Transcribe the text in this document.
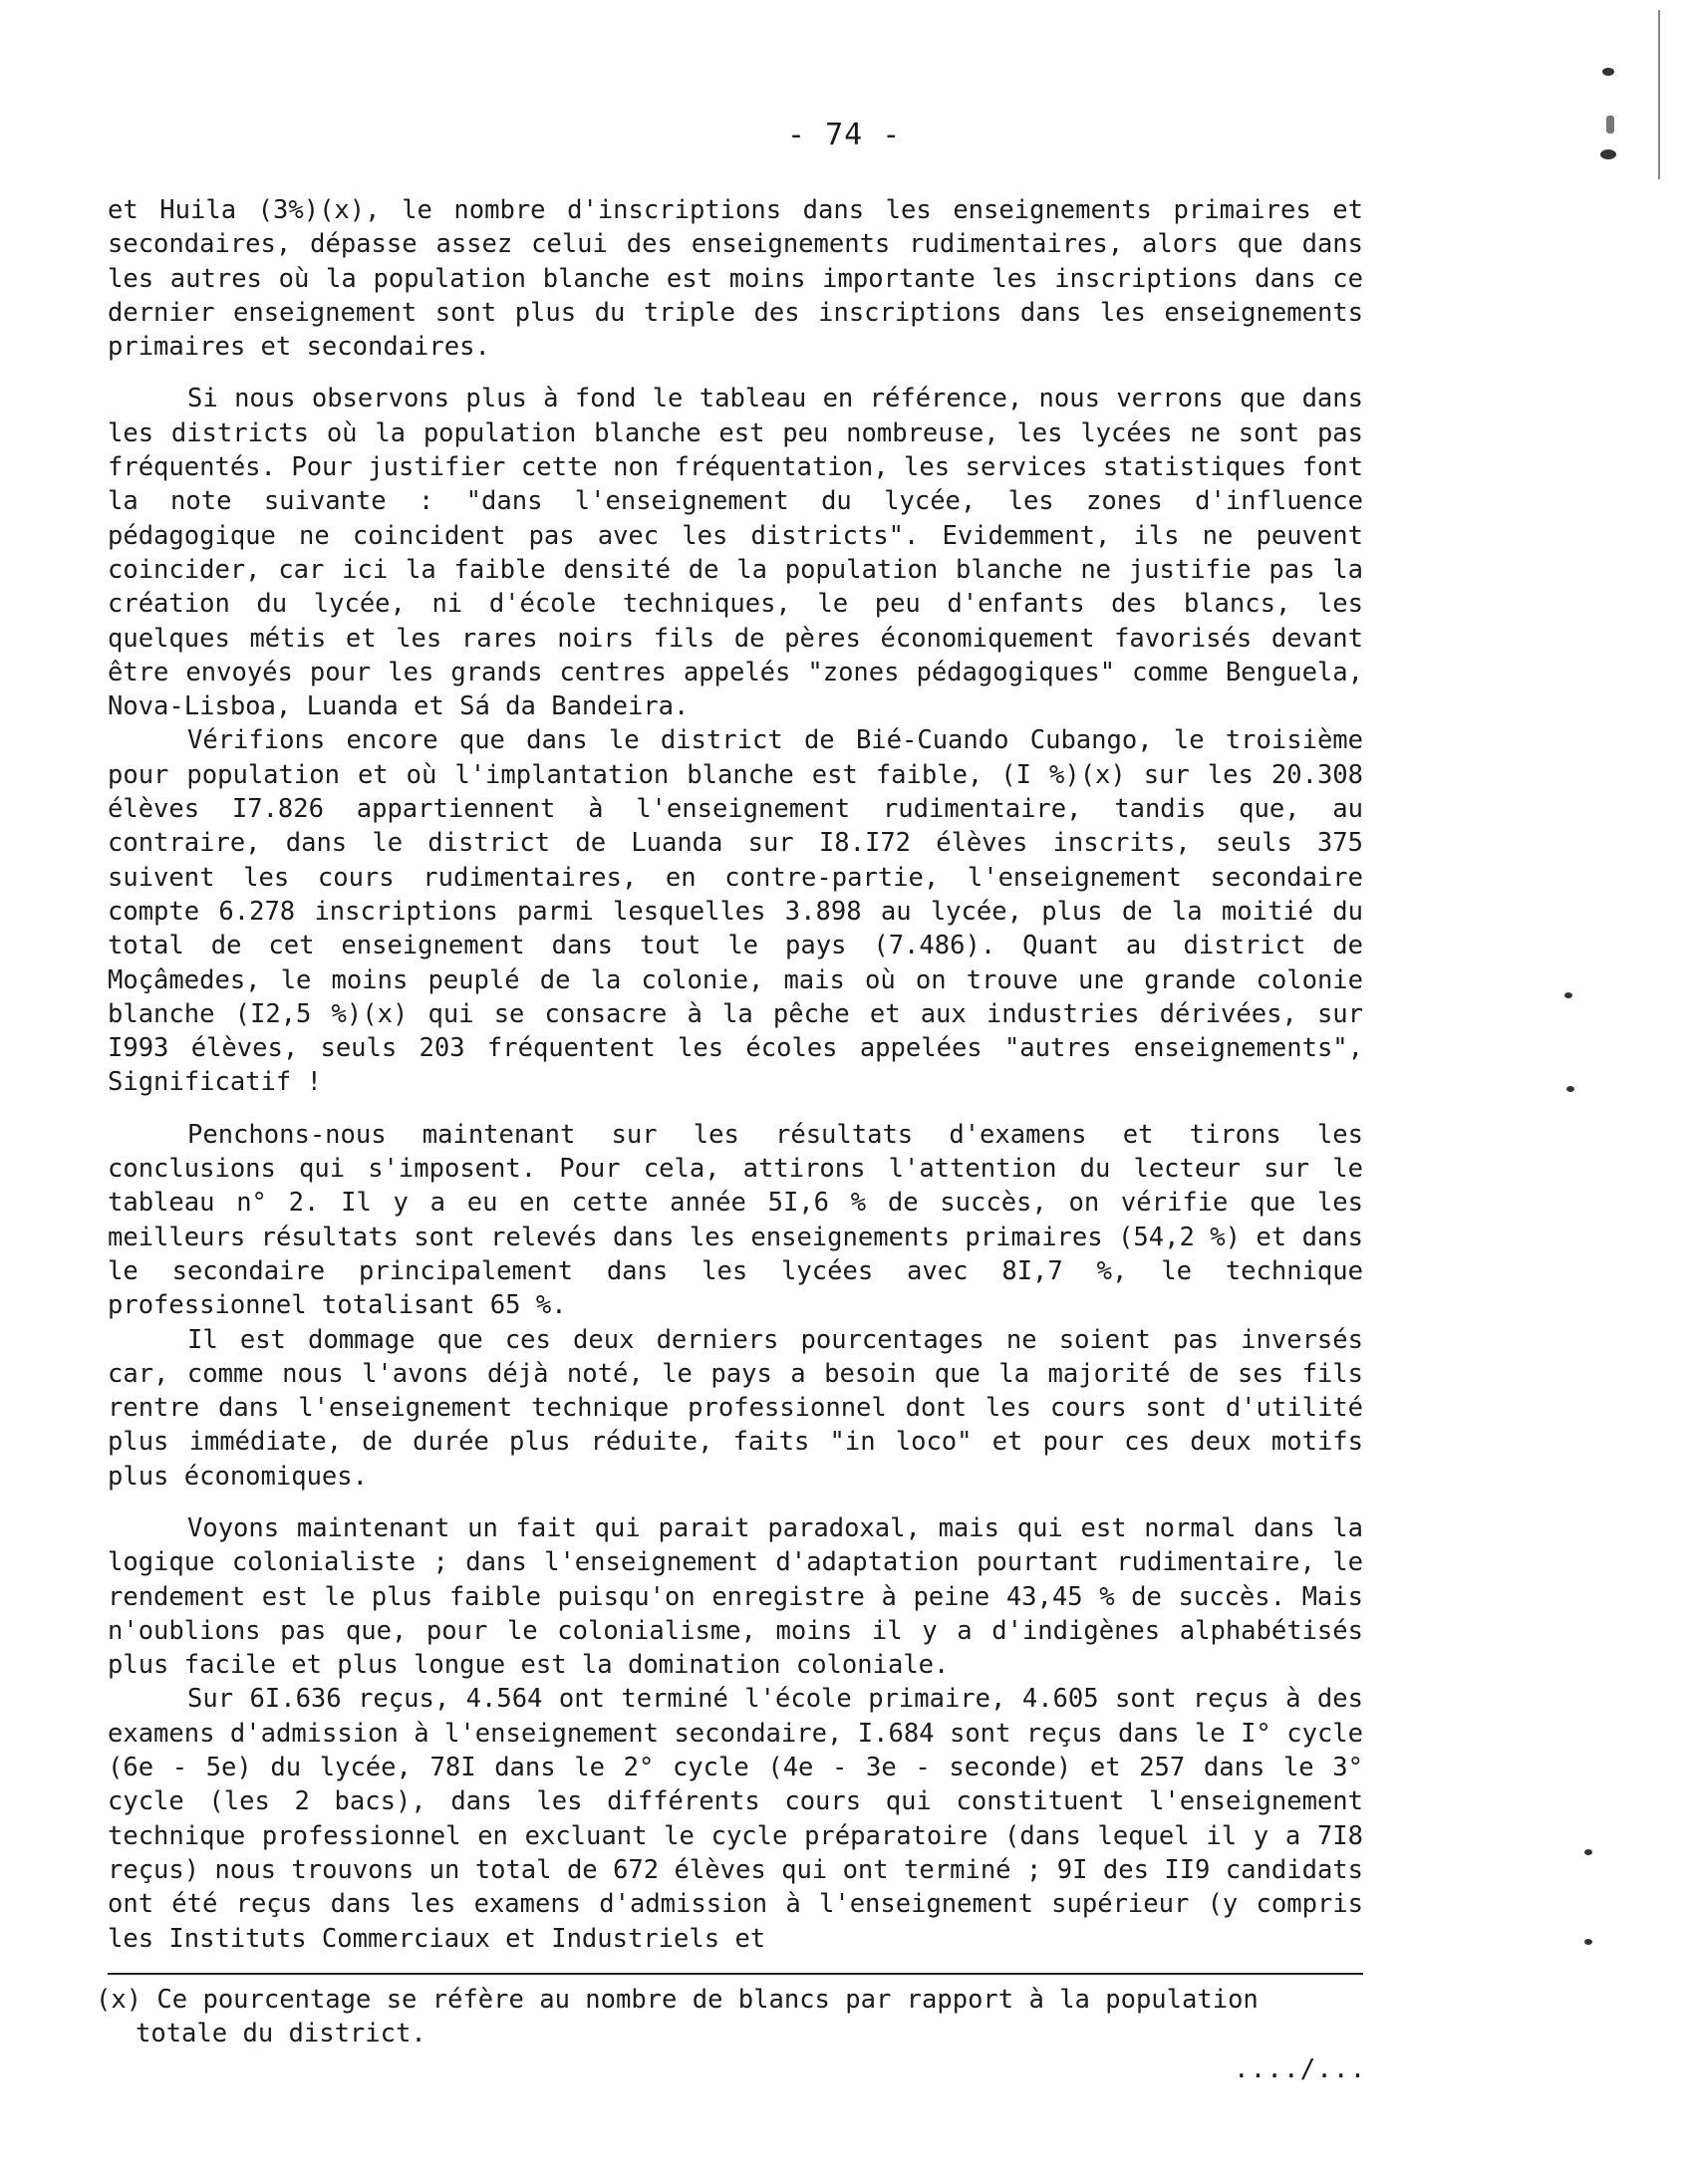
- 74 -

et Huila (3%)(x), le nombre d'inscriptions dans les enseignements primaires et secondaires, dépasse assez celui des enseignements rudimentaires, alors que dans les autres où la population blanche est moins importante les inscriptions dans ce dernier enseignement sont plus du triple des inscriptions dans les enseignements primaires et secondaires.

Si nous observons plus à fond le tableau en référence, nous verrons que dans les districts où la population blanche est peu nombreuse, les lycées ne sont pas fréquentés. Pour justifier cette non fréquentation, les services statistiques font la note suivante : "dans l'enseignement du lycée, les zones d'influence pédagogique ne coincident pas avec les districts". Evidemment, ils ne peuvent coincider, car ici la faible densité de la population blanche ne justifie pas la création du lycée, ni d'école techniques, le peu d'enfants des blancs, les quelques métis et les rares noirs fils de pères économiquement favorisés devant être envoyés pour les grands centres appelés "zones pédagogiques" comme Benguela, Nova-Lisboa, Luanda et Sá da Bandeira.

Vérifions encore que dans le district de Bié-Cuando Cubango, le troisième pour population et où l'implantation blanche est faible, (I %)(x) sur les 20.308 élèves I7.826 appartiennent à l'enseignement rudimentaire, tandis que, au contraire, dans le district de Luanda sur I8.I72 élèves inscrits, seuls 375 suivent les cours rudimentaires, en contre-partie, l'enseignement secondaire compte 6.278 inscriptions parmi lesquelles 3.898 au lycée, plus de la moitié du total de cet enseignement dans tout le pays (7.486). Quant au district de Moçâmedes, le moins peuplé de la colonie, mais où on trouve une grande colonie blanche (I2,5 %)(x) qui se consacre à la pêche et aux industries dérivées, sur I993 élèves, seuls 203 fréquentent les écoles appelées "autres enseignements", Significatif !

Penchons-nous maintenant sur les résultats d'examens et tirons les conclusions qui s'imposent. Pour cela, attirons l'attention du lecteur sur le tableau n° 2. Il y a eu en cette année 5I,6 % de succès, on vérifie que les meilleurs résultats sont relevés dans les enseignements primaires (54,2 %) et dans le secondaire principalement dans les lycées avec 8I,7 %, le technique professionnel totalisant 65 %.

Il est dommage que ces deux derniers pourcentages ne soient pas inversés car, comme nous l'avons déjà noté, le pays a besoin que la majorité de ses fils rentre dans l'enseignement technique professionnel dont les cours sont d'utilité plus immédiate, de durée plus réduite, faits "in loco" et pour ces deux motifs plus économiques.

Voyons maintenant un fait qui parait paradoxal, mais qui est normal dans la logique colonialiste ; dans l'enseignement d'adaptation pourtant rudimentaire, le rendement est le plus faible puisqu'on enregistre à peine 43,45 % de succès. Mais n'oublions pas que, pour le colonialisme, moins il y a d'indigènes alphabétisés plus facile et plus longue est la domination coloniale.

Sur 6I.636 reçus, 4.564 ont terminé l'école primaire, 4.605 sont reçus à des examens d'admission à l'enseignement secondaire, I.684 sont reçus dans le I° cycle (6e - 5e) du lycée, 78I dans le 2° cycle (4e - 3e - seconde) et 257 dans le 3° cycle (les 2 bacs), dans les différents cours qui constituent l'enseignement technique professionnel en excluant le cycle préparatoire (dans lequel il y a 7I8 reçus) nous trouvons un total de 672 élèves qui ont terminé ; 9I des II9 candidats ont été reçus dans les examens d'admission à l'enseignement supérieur (y compris les Instituts Commerciaux et Industriels et

(x) Ce pourcentage se réfère au nombre de blancs par rapport à la population

totale du district.

..../...
